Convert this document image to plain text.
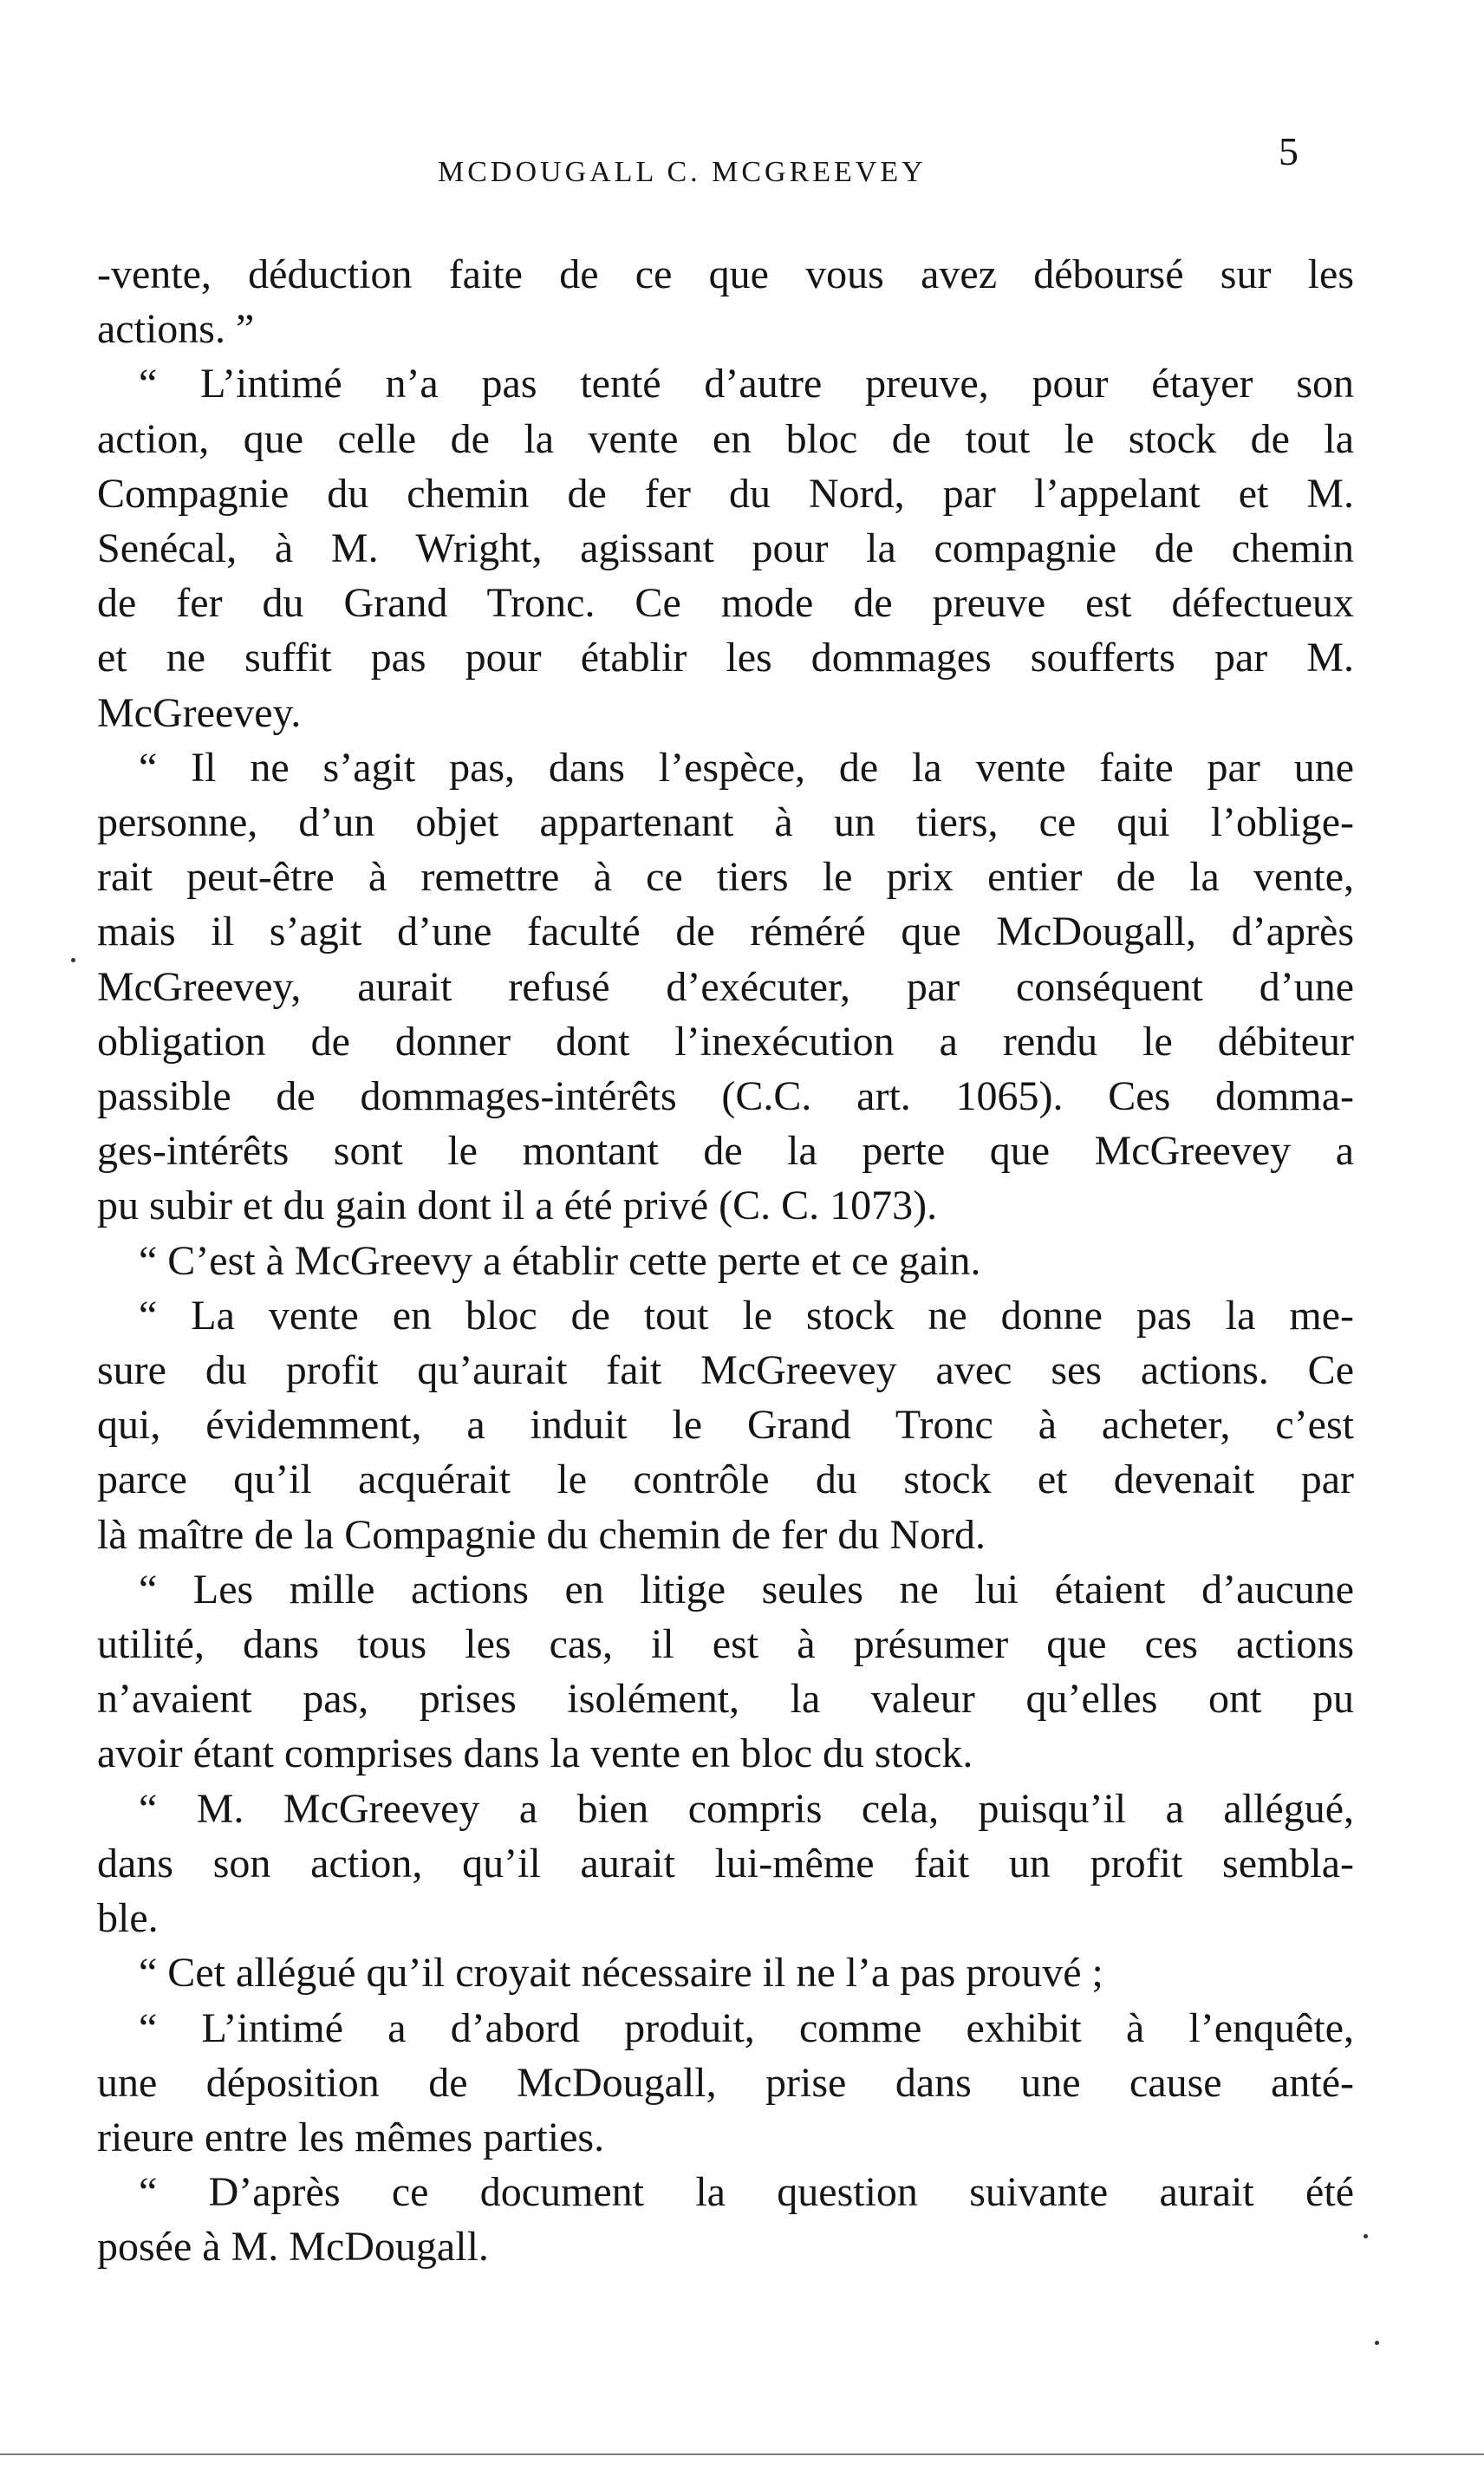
MCDOUGALL C. MCGREEVEY	5
-vente, déduction faite de ce que vous avez déboursé sur les
actions. ”
“ L’intimé n’a pas tenté d’autre preuve, pour étayer son
action, que celle de la vente en bloc de tout le stock de la
Compagnie du chemin de fer du Nord, par l’appelant et M.
Senécal, à M. Wright, agissant pour la compagnie de chemin
de fer du Grand Tronc. Ce mode de preuve est défectueux
et ne suffit pas pour établir les dommages soufferts par M.
McGreevey.
“ Il ne s’agit pas, dans l’espèce, de la vente faite par une
personne, d’un objet appartenant à un tiers, ce qui l’oblige-
rait peut-être à remettre à ce tiers le prix entier de la vente,
mais il s’agit d’une faculté de réméré que McDougall, d’après
McGreevey, aurait refusé d’exécuter, par conséquent d’une
obligation de donner dont l’inexécution a rendu le débiteur
passible de dommages-intérêts (C.C. art. 1065). Ces domma-
ges-intérêts sont le montant de la perte que McGreevey a
pu subir et du gain dont il a été privé (C. C. 1073).
“ C’est à McGreevy a établir cette perte et ce gain.
“ La vente en bloc de tout le stock ne donne pas la me-
sure du profit qu’aurait fait McGreevey avec ses actions. Ce
qui, évidemment, a induit le Grand Tronc à acheter, c’est
parce qu’il acquérait le contrôle du stock et devenait par
là maître de la Compagnie du chemin de fer du Nord.
“ Les mille actions en litige seules ne lui étaient d’aucune
utilité, dans tous les cas, il est à présumer que ces actions
n’avaient pas, prises isolément, la valeur qu’elles ont pu
avoir étant comprises dans la vente en bloc du stock.
“ M. McGreevey a bien compris cela, puisqu’il a allégué,
dans son action, qu’il aurait lui-même fait un profit sembla-
ble.
“ Cet allégué qu’il croyait nécessaire il ne l’a pas prouvé ;
“ L’intimé a d’abord produit, comme exhibit à l’enquête,
une déposition de McDougall, prise dans une cause anté-
rieure entre les mêmes parties.
“ D’après ce document la question suivante aurait été
posée à M. McDougall.
